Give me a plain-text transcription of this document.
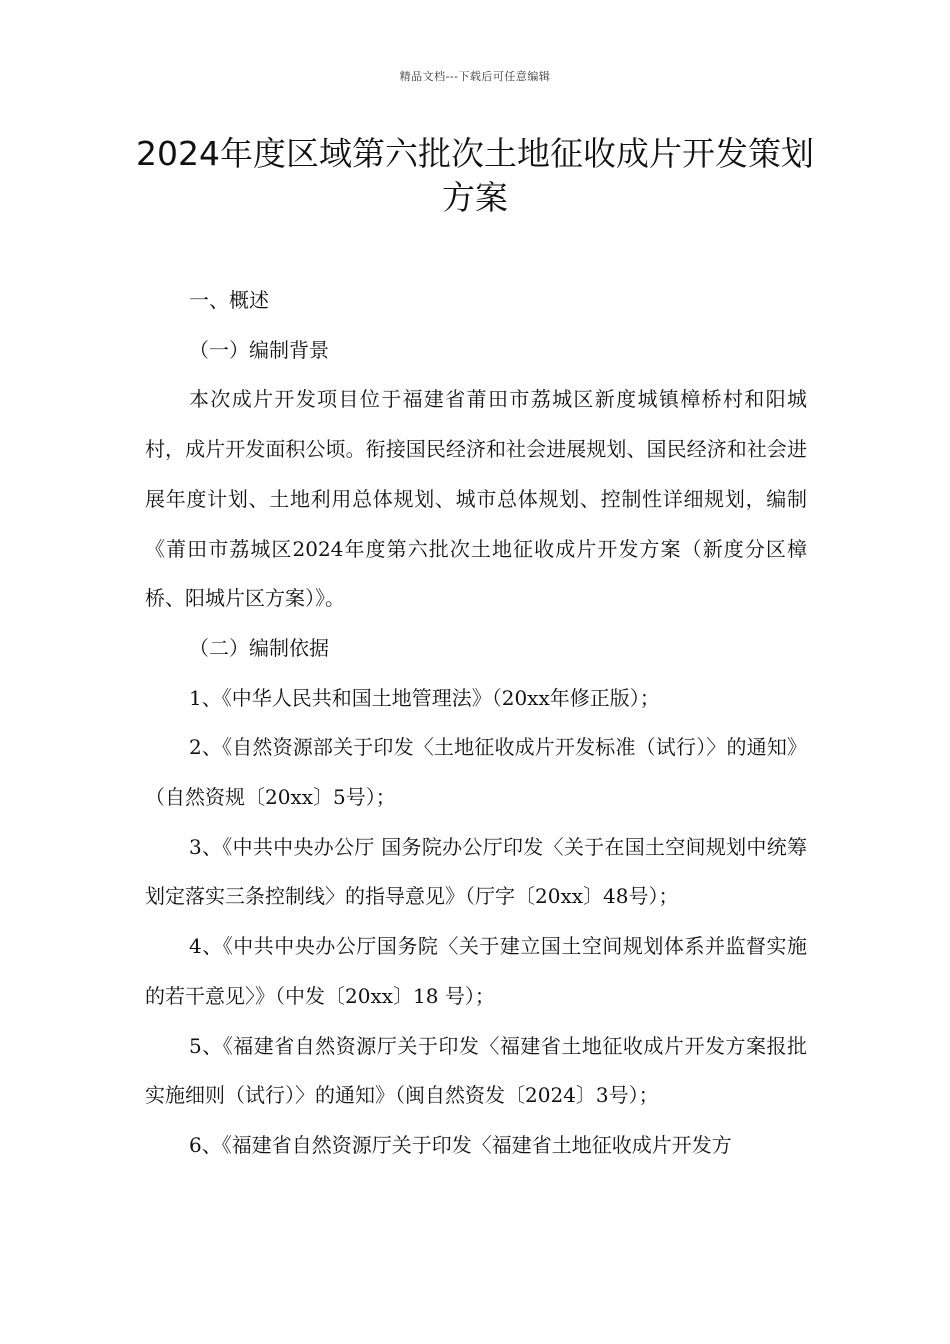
精品文档---下载后可任意编辑
2024年度区域第六批次土地征收成片开发策划方案

一、概述

（一）编制背景

本次成片开发项目位于福建省莆田市荔城区新度城镇樟桥村和阳城村，成片开发面积公顷。衔接国民经济和社会进展规划、国民经济和社会进展年度计划、土地利用总体规划、城市总体规划、控制性详细规划，编制《莆田市荔城区2024年度第六批次土地征收成片开发方案（新度分区樟桥、阳城片区方案）》。

（二）编制依据

1、《中华人民共和国土地管理法》（20xx年修正版）；

2、《自然资源部关于印发〈土地征收成片开发标准（试行）〉的通知》（自然资规〔20xx〕5号）；

3、《中共中央办公厅 国务院办公厅印发〈关于在国土空间规划中统筹划定落实三条控制线〉的指导意见》（厅字〔20xx〕48号）；

4、《中共中央办公厅国务院〈关于建立国土空间规划体系并监督实施的若干意见〉》（中发〔20xx〕18 号）；

5、《福建省自然资源厅关于印发〈福建省土地征收成片开发方案报批实施细则（试行）〉的通知》（闽自然资发〔2024〕3号）；

6、《福建省自然资源厅关于印发〈福建省土地征收成片开发方
